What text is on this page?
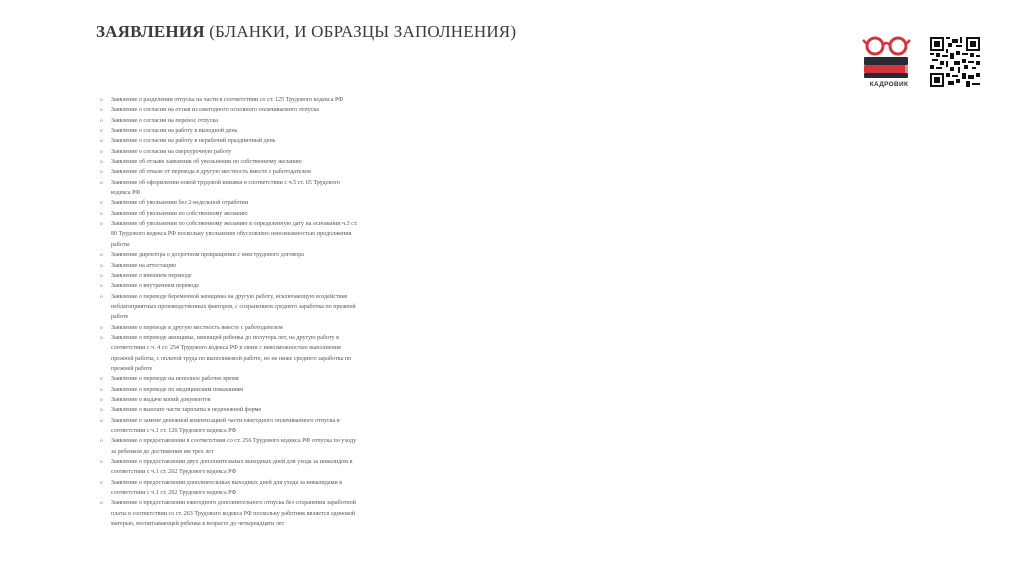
ЗАЯВЛЕНИЯ (БЛАНКИ, И ОБРАЗЦЫ ЗАПОЛНЕНИЯ)
КАДРОВИК
o Заявление о разделении отпуска на части в соответствии со ст. 125 Трудового кодекса РФ
o Заявление о согласии на отзыв из ежегодного основного оплачиваемого отпуска
o Заявление о согласии на перенос отпуска
o Заявление о согласии на работу в выходной день
o Заявление о согласии на работу в нерабочий праздничный день
o Заявление о согласии на сверхурочную работу
o Заявление об отзыве заявления об увольнении по собственному желанию
o Заявление об отказе от перевода в другую местность вместе с работодателем
o Заявление об оформлении новой трудовой книжки в соответствии с ч.5 ст. 65 Трудового кодекса РФ
o Заявление об увольнении без 2-недельной отработки
o Заявление об увольнении по собственному желанию
o Заявление об увольнении по собственному желанию в определенную дату на основании ч.3 ст. 80 Трудового кодекса РФ поскольку увольнение обусловлено невозможностью продолжения работы
o Заявление директора о досрочном прекращении с ним трудового договора
o Заявление на аттестацию
o Заявление о внешнем переводе
o Заявление о внутреннем переводе
o Заявление о переводе беременной женщины на другую работу, исключающую воздействие неблагоприятных производственных факторов, с сохранением среднего заработка по прежней работе
o Заявление о переводе в другую местность вместе с работодателем
o Заявление о переводе женщины, имеющей ребенка до полутора лет, на другую работу в соответствии с ч. 4 ст. 254 Трудового кодекса РФ в связи с невозможностью выполнения прежней работы, с оплатой труда по выполняемой работе, но не ниже среднего заработка по прежней работе
o Заявление о переводе на неполное рабочее время
o Заявление о переводе по медицинским показаниям
o Заявление о выдаче копий документов
o Заявление о выплате части зарплаты в неденежной форме
o Заявление о замене денежной компенсацией части ежегодного оплачиваемого отпуска в соответствии с ч.1 ст. 126 Трудового кодекса РФ
o Заявление о предоставлении в соответствии со ст. 256 Трудового кодекса РФ отпуска по уходу за ребенком до достижения им трех лет
o Заявление о предоставлении двух дополнительных выходных дней для ухода за инвалидом в соответствии с ч.1 ст. 262 Трудового кодекса РФ
o Заявление о предоставлении дополнительных выходных дней для ухода за инвалидами в соответствии с ч.1 ст. 262 Трудового кодекса РФ
o Заявление о предоставлении ежегодного дополнительного отпуска без сохранения заработной платы в соответствии со ст. 263 Трудового кодекса РФ поскольку работник является одинокой матерью, воспитывающей ребенка в возрасте до четырнадцати лет
